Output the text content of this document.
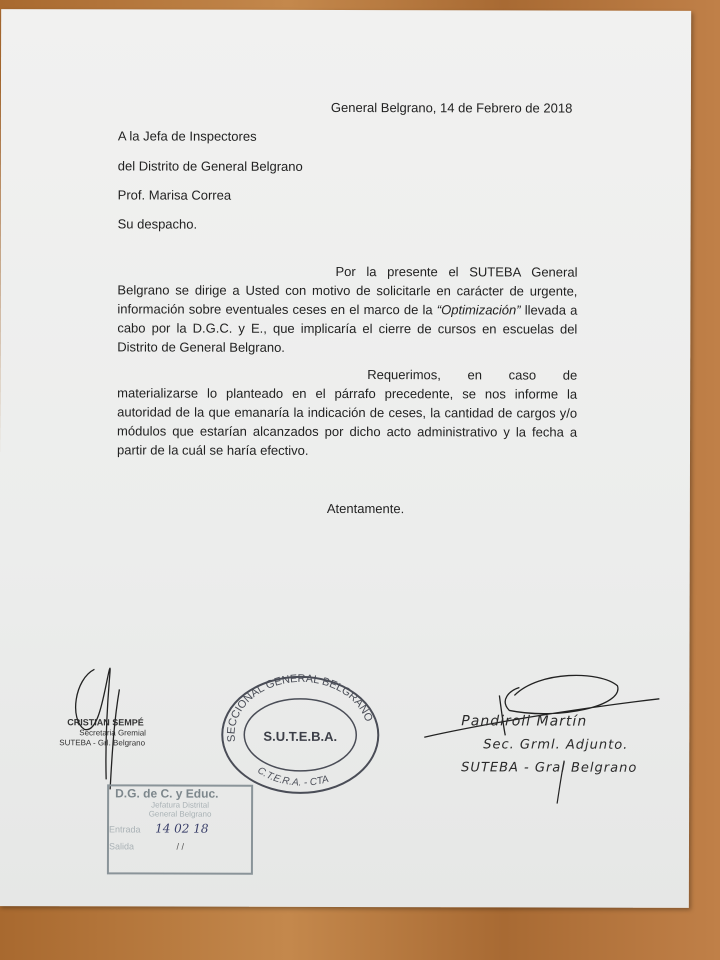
General Belgrano, 14 de Febrero de 2018
A la Jefa de Inspectores
del Distrito de General Belgrano
Prof. Marisa Correa
Su despacho.
Por la presente el SUTEBA General Belgrano se dirige a Usted con motivo de solicitarle en carácter de urgente, información sobre eventuales ceses en el marco de la “Optimización” llevada a cabo por la D.G.C. y E., que implicaría el cierre de cursos en escuelas del Distrito de General Belgrano.
Requerimos, en caso de materializarse lo planteado en el párrafo precedente, se nos informe la autoridad de la que emanaría la indicación de ceses, la cantidad de cargos y/o módulos que estarían alcanzados por dicho acto administrativo y la fecha a partir de la cuál se haría efectivo.
Atentamente.
CRISTIAN SEMPÉ
Secretaria Gremial
SUTEBA - Grl. Belgrano
D.G. de C. y Educ.
Jefatura Distrital
General Belgrano
Entrada 14 02 18
Salida	/ /
SECCIONAL GENERAL BELGRANO
C.T.E.R.A. - CTA
S.U.T.E.B.A.
Pandiroli Martín
Sec. Grml. Adjunto.
SUTEBA - Gral Belgrano
